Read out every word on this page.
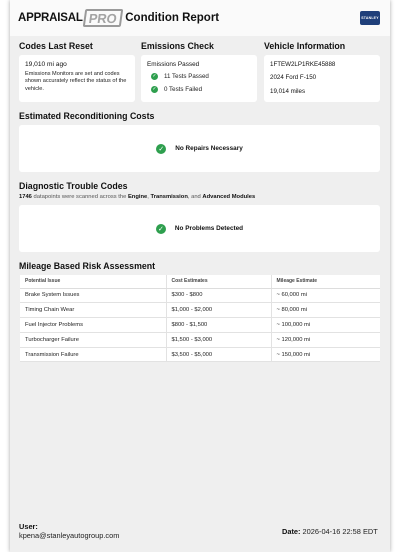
APPRAISAL PRO Condition Report	STANLEY
Codes Last Reset
19,010 mi ago
Emissions Monitors are set and codes shown accurately reflect the status of the vehicle.
Emissions Check
Emissions Passed
✓ 11 Tests Passed
✓ 0 Tests Failed
Vehicle Information
1FTEW2LP1RKE45888
2024 Ford F-150
19,014 miles
Estimated Reconditioning Costs
✓	No Repairs Necessary
Diagnostic Trouble Codes
1746 datapoints were scanned across the Engine, Transmission, and Advanced Modules
✓	No Problems Detected
Mileage Based Risk Assessment
Potential Issue	Cost Estimates	Mileage Estimate
Brake System Issues	$300 - $800	~ 60,000 mi
Timing Chain Wear	$1,000 - $2,000	~ 80,000 mi
Fuel Injector Problems	$800 - $1,500	~ 100,000 mi
Turbocharger Failure	$1,500 - $3,000	~ 120,000 mi
Transmission Failure	$3,500 - $5,000	~ 150,000 mi
User:
kpena@stanleyautogroup.com	Date: 2026-04-16 22:58 EDT
